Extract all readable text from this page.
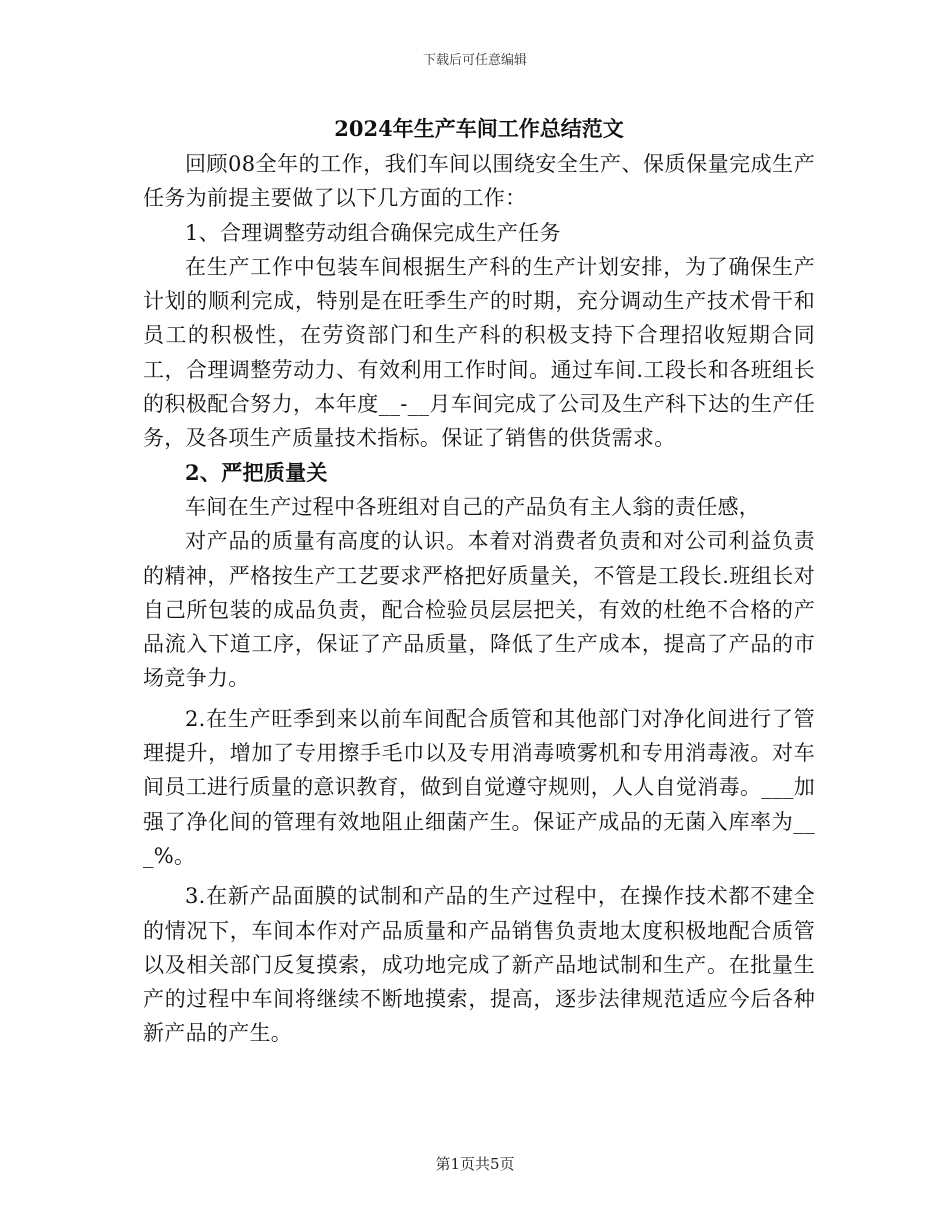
下载后可任意编辑
2024年生产车间工作总结范文

回顾08全年的工作，我们车间以围绕安全生产、保质保量完成生产任务为前提主要做了以下几方面的工作：

1、合理调整劳动组合确保完成生产任务

在生产工作中包装车间根据生产科的生产计划安排，为了确保生产计划的顺利完成，特别是在旺季生产的时期，充分调动生产技术骨干和员工的积极性，在劳资部门和生产科的积极支持下合理招收短期合同工，合理调整劳动力、有效利用工作时间。通过车间.工段长和各班组长的积极配合努力，本年度__-__月车间完成了公司及生产科下达的生产任务，及各项生产质量技术指标。保证了销售的供货需求。

2、严把质量关

车间在生产过程中各班组对自己的产品负有主人翁的责任感，

对产品的质量有高度的认识。本着对消费者负责和对公司利益负责的精神，严格按生产工艺要求严格把好质量关，不管是工段长.班组长对自己所包装的成品负责，配合检验员层层把关，有效的杜绝不合格的产品流入下道工序，保证了产品质量，降低了生产成本，提高了产品的市场竞争力。

2.在生产旺季到来以前车间配合质管和其他部门对净化间进行了管理提升，增加了专用擦手毛巾以及专用消毒喷雾机和专用消毒液。对车间员工进行质量的意识教育，做到自觉遵守规则，人人自觉消毒。___加强了净化间的管理有效地阻止细菌产生。保证产成品的无菌入库率为___%。

3.在新产品面膜的试制和产品的生产过程中，在操作技术都不建全的情况下，车间本作对产品质量和产品销售负责地太度积极地配合质管以及相关部门反复摸索，成功地完成了新产品地试制和生产。在批量生产的过程中车间将继续不断地摸索，提高，逐步法律规范适应今后各种新产品的产生。

第1页共5页
